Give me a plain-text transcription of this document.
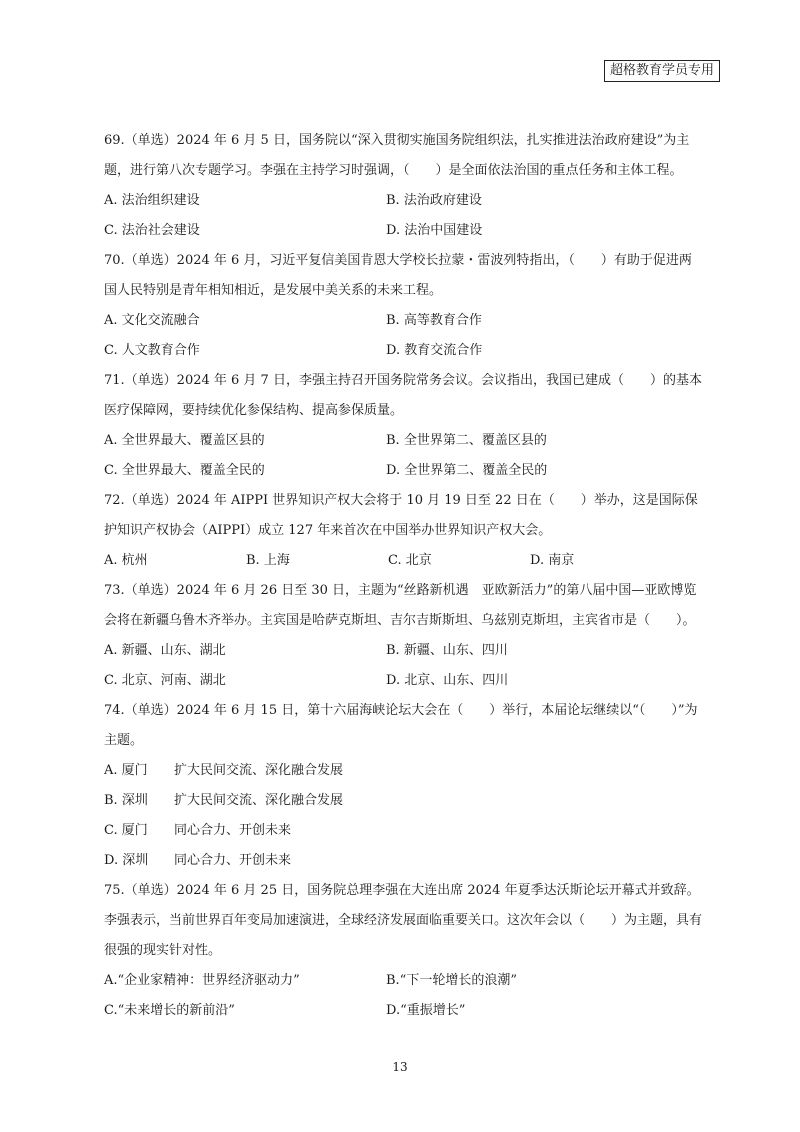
超格教育学员专用
69.（单选）2024 年 6 月 5 日，国务院以“深入贯彻实施国务院组织法，扎实推进法治政府建设”为主题，进行第八次专题学习。李强在主持学习时强调，（　　）是全面依法治国的重点任务和主体工程。
A. 法治组织建设	B. 法治政府建设
C. 法治社会建设	D. 法治中国建设
70.（单选）2024 年 6 月，习近平复信美国肯恩大学校长拉蒙・雷波列特指出，（　　）有助于促进两国人民特别是青年相知相近，是发展中美关系的未来工程。
A. 文化交流融合	B. 高等教育合作
C. 人文教育合作	D. 教育交流合作
71.（单选）2024 年 6 月 7 日，李强主持召开国务院常务会议。会议指出，我国已建成（　　）的基本医疗保障网，要持续优化参保结构、提高参保质量。
A. 全世界最大、覆盖区县的	B. 全世界第二、覆盖区县的
C. 全世界最大、覆盖全民的	D. 全世界第二、覆盖全民的
72.（单选）2024 年 AIPPI 世界知识产权大会将于 10 月 19 日至 22 日在（　　）举办，这是国际保护知识产权协会（AIPPI）成立 127 年来首次在中国举办世界知识产权大会。
A. 杭州	B. 上海	C. 北京	D. 南京
73.（单选）2024 年 6 月 26 日至 30 日，主题为“丝路新机遇　亚欧新活力”的第八届中国—亚欧博览会将在新疆乌鲁木齐举办。主宾国是哈萨克斯坦、吉尔吉斯斯坦、乌兹别克斯坦，主宾省市是（　　）。
A. 新疆、山东、湖北	B. 新疆、山东、四川
C. 北京、河南、湖北	D. 北京、山东、四川
74.（单选）2024 年 6 月 15 日，第十六届海峡论坛大会在（　　）举行，本届论坛继续以“（　　）”为主题。
A. 厦门 扩大民间交流、深化融合发展
B. 深圳 扩大民间交流、深化融合发展
C. 厦门 同心合力、开创未来
D. 深圳 同心合力、开创未来
75.（单选）2024 年 6 月 25 日，国务院总理李强在大连出席 2024 年夏季达沃斯论坛开幕式并致辞。李强表示，当前世界百年变局加速演进，全球经济发展面临重要关口。这次年会以（　　）为主题，具有很强的现实针对性。
A.“企业家精神：世界经济驱动力”	B.“下一轮增长的浪潮”
C.“未来增长的新前沿”	D.“重振增长”
13
